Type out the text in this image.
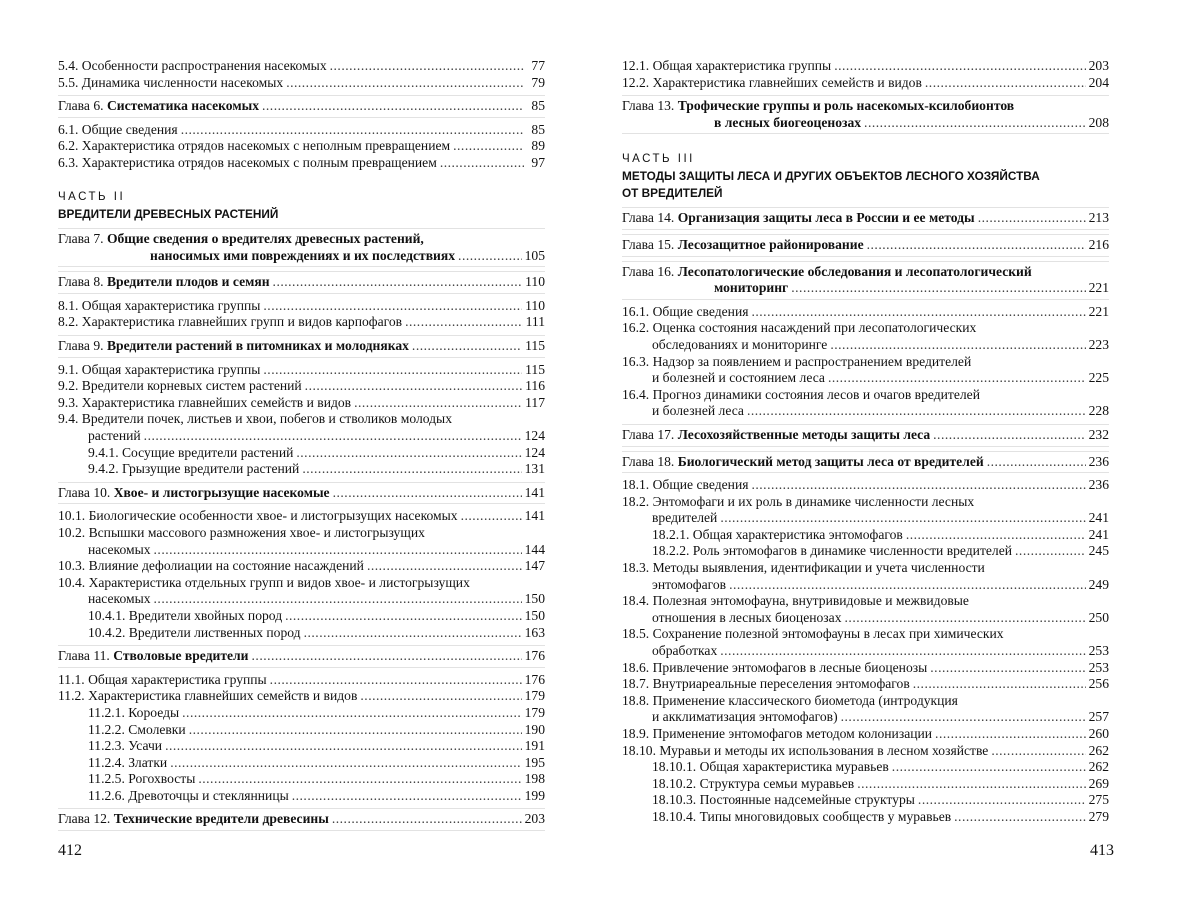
5.4. Особенности распространения насекомых
.....	77
5.5. Динамика численности насекомых
.....	79
Глава 6.
Систематика насекомых
.....	85
6.1. Общие сведения
.....	85
6.2. Характеристика отрядов насекомых с неполным превращением
.....	89
6.3. Характеристика отрядов насекомых с полным превращением
.....	97
ЧАСТЬ II
ВРЕДИТЕЛИ ДРЕВЕСНЫХ РАСТЕНИЙ
Глава 7.
Общие сведения о вредителях древесных растений,
наносимых ими повреждениях и их последствиях
.....	105
Глава 8.
Вредители плодов и семян
.....	110
8.1. Общая характеристика группы
.....	110
8.2. Характеристика главнейших групп и видов карпофагов
.....	111
Глава 9.
Вредители растений в питомниках и молодняках
.....	115
9.1. Общая характеристика группы
.....	115
9.2. Вредители корневых систем растений
.....	116
9.3. Характеристика главнейших семейств и видов
.....	117
9.4. Вредители почек, листьев и хвои, побегов и стволиков молодых
растений
.....	124
9.4.1. Сосущие вредители растений
.....	124
9.4.2. Грызущие вредители растений
.....	131
Глава 10.
Хвое- и листогрызущие насекомые
.....	141
10.1. Биологические особенности хвое- и листогрызущих насекомых
.....	141
10.2. Вспышки массового размножения хвое- и листогрызущих
насекомых
.....	144
10.3. Влияние дефолиации на состояние насаждений
.....	147
10.4. Характеристика отдельных групп и видов хвое- и листогрызущих
насекомых
.....	150
10.4.1. Вредители хвойных пород
.....	150
10.4.2. Вредители лиственных пород
.....	163
Глава 11.
Стволовые вредители
.....	176
11.1. Общая характеристика группы
.....	176
11.2. Характеристика главнейших семейств и видов
.....	179
11.2.1. Короеды
.....	179
11.2.2. Смолевки
.....	190
11.2.3. Усачи
.....	191
11.2.4. Златки
.....	195
11.2.5. Рогохвосты
.....	198
11.2.6. Древоточцы и стеклянницы
.....	199
Глава 12.
Технические вредители древесины
.....	203
12.1. Общая характеристика группы
.....	203
12.2. Характеристика главнейших семейств и видов
.....	204
Глава 13.
Трофические группы и роль насекомых-ксилобионтов
в лесных биогеоценозах
.....	208
ЧАСТЬ III
МЕТОДЫ ЗАЩИТЫ ЛЕСА И ДРУГИХ ОБЪЕКТОВ ЛЕСНОГО ХОЗЯЙСТВА
ОТ ВРЕДИТЕЛЕЙ
Глава 14.
Организация защиты леса в России и ее методы
.....	213
Глава 15.
Лесозащитное районирование
.....	216
Глава 16.
Лесопатологические обследования и лесопатологический
мониторинг
.....	221
16.1. Общие сведения
.....	221
16.2. Оценка состояния насаждений при лесопатологических
обследованиях и мониторинге
.....	223
16.3. Надзор за появлением и распространением вредителей
и болезней и состоянием леса
.....	225
16.4. Прогноз динамики состояния лесов и очагов вредителей
и болезней леса
.....	228
Глава 17.
Лесохозяйственные методы защиты леса
.....	232
Глава 18.
Биологический метод защиты леса от вредителей
.....	236
18.1. Общие сведения
.....	236
18.2. Энтомофаги и их роль в динамике численности лесных
вредителей
.....	241
18.2.1. Общая характеристика энтомофагов
.....	241
18.2.2. Роль энтомофагов в динамике численности вредителей
.....	245
18.3. Методы выявления, идентификации и учета численности
энтомофагов
.....	249
18.4. Полезная энтомофауна, внутривидовые и межвидовые
отношения в лесных биоценозах
.....	250
18.5. Сохранение полезной энтомофауны в лесах при химических
обработках
.....	253
18.6. Привлечение энтомофагов в лесные биоценозы
.....	253
18.7. Внутриареальные переселения энтомофагов
.....	256
18.8. Применение классического биометода (интродукция
и акклиматизация энтомофагов)
.....	257
18.9. Применение энтомофагов методом колонизации
.....	260
18.10. Муравьи и методы их использования в лесном хозяйстве
.....	262
18.10.1. Общая характеристика муравьев
.....	262
18.10.2. Структура семьи муравьев
.....	269
18.10.3. Постоянные надсемейные структуры
.....	275
18.10.4. Типы многовидовых сообществ у муравьев
.....	279
412	413
